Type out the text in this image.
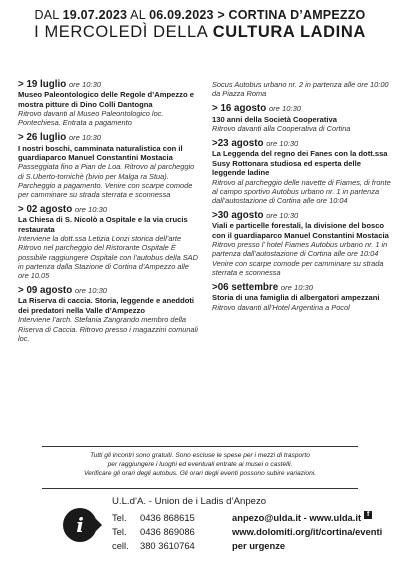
DAL 19.07.2023 AL 06.09.2023 > CORTINA D’AMPEZZO
I MERCOLEDÌ DELLA CULTURA LADINA
> 19 luglio ore 10:30
Museo Paleontologico delle Regole d’Ampezzo e mostra pitture di Dino Colli Dantogna
Ritrovo davanti al Museo Paleontologico loc. Pontechiesa. Entrata a pagamento
> 26 luglio ore 10:30
I nostri boschi, camminata naturalistica con il guardiaparco Manuel Constantini Mostacia
Passeggiata fino a Pian de Loa. Ritrovo al parcheggio di S.Uberto-tornichè (bivio per Malga ra Stua). Parcheggio a pagamento. Venire con scarpe comode per camminare su strada sterrata e sconnessa
> 02 agosto ore 10:30
La Chiesa di S. Nicolò a Ospitale e la via crucis restaurata
Interviene la dott.ssa Letizia Lonzi storica dell’arte Ritrovo nel parcheggio del Ristorante Ospitale È possibile raggiungere Ospitale con l’autobus della SAD in partenza dalla Stazione di Cortina d’Ampezzo alle ore 10.05
> 09 agosto ore 10:30
La Riserva di caccia. Storia, leggende e aneddoti dei predatori nella Valle d’Ampezzo
Interviene l’arch. Stefania Zangrando membro della Riserva di Caccia. Ritrovo presso i magazzini comunali loc.
Socus Autobus urbano nr. 2 in partenza alle ore 10:00 da Piazza Roma
> 16 agosto ore 10:30
130 anni della Società Cooperativa
Ritrovo davanti alla Cooperativa di Cortina
>23 agosto ore 10:30
La Leggenda del regno dei Fanes con la dott.ssa Susy Rottonara studiosa ed esperta delle leggende ladine
Ritrovo al parcheggio delle navette di Fiames, di fronte al campo sportivo Autobus urbano nr. 1 in partenza dall’autostazione di Cortina alle ore 10:04
>30 agosto ore 10:30
Viali e particelle forestali, la divisione del bosco con il guardiaparco Manuel Constantini Mostacia
Ritrovo presso l’ hotel Fiames Autobus urbano nr. 1 in partenza dall’autostazione di Cortina alle ore 10:04 Venire con scarpe comode per camminare su strada sterrata e sconnessa
>06 settembre ore 10:30
Storia di una famiglia di albergatori ampezzani
Ritrovo davanti all’Hotel Argentina a Pocol
Tutti gli incontri sono gratuiti. Sono escluse le spese per i mezzi di trasporto
per raggiungere i luoghi ed eventuali entrate ai musei o castelli.
Verificare gli orari degli autobus. Gli orari degli eventi possono subire variazioni.
U.L.d’A. - Union de i Ladis d’Anpezo
i	Tel.	0436 868615	anpezo@ulda.it - www.ulda.it f
Tel.	0436 869086	www.dolomiti.org/it/cortina/eventi
cell.	380 3610764	per urgenze
